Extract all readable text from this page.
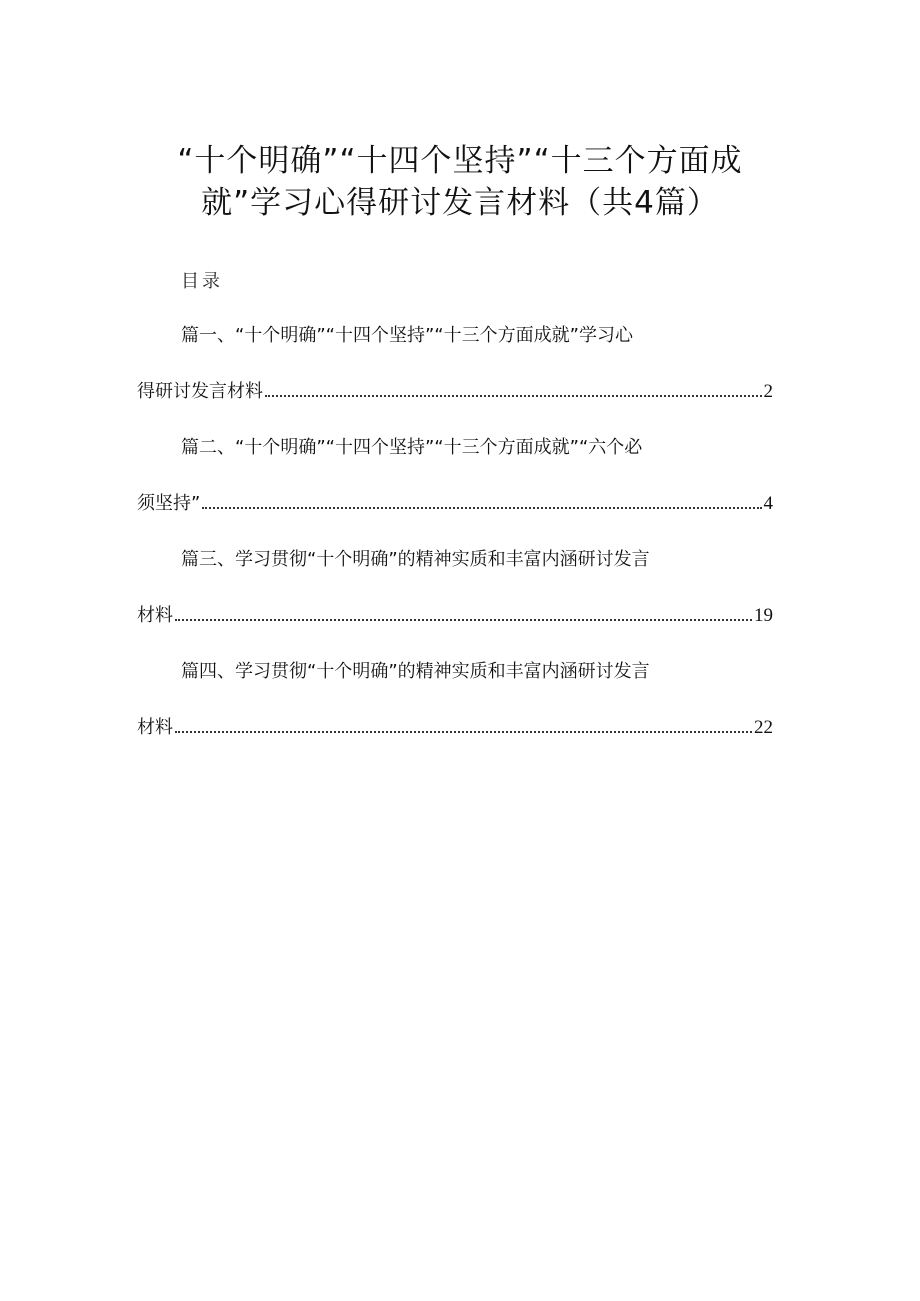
“十个明确”“十四个坚持”“十三个方面成
就”学习心得研讨发言材料（共4篇）
目录
篇一、“十个明确”“十四个坚持”“十三个方面成就”学习心
得研讨发言材料	2
篇二、“十个明确”“十四个坚持”“十三个方面成就”“六个必
须坚持”	4
篇三、学习贯彻“十个明确”的精神实质和丰富内涵研讨发言
材料	19
篇四、学习贯彻“十个明确”的精神实质和丰富内涵研讨发言
材料	22
